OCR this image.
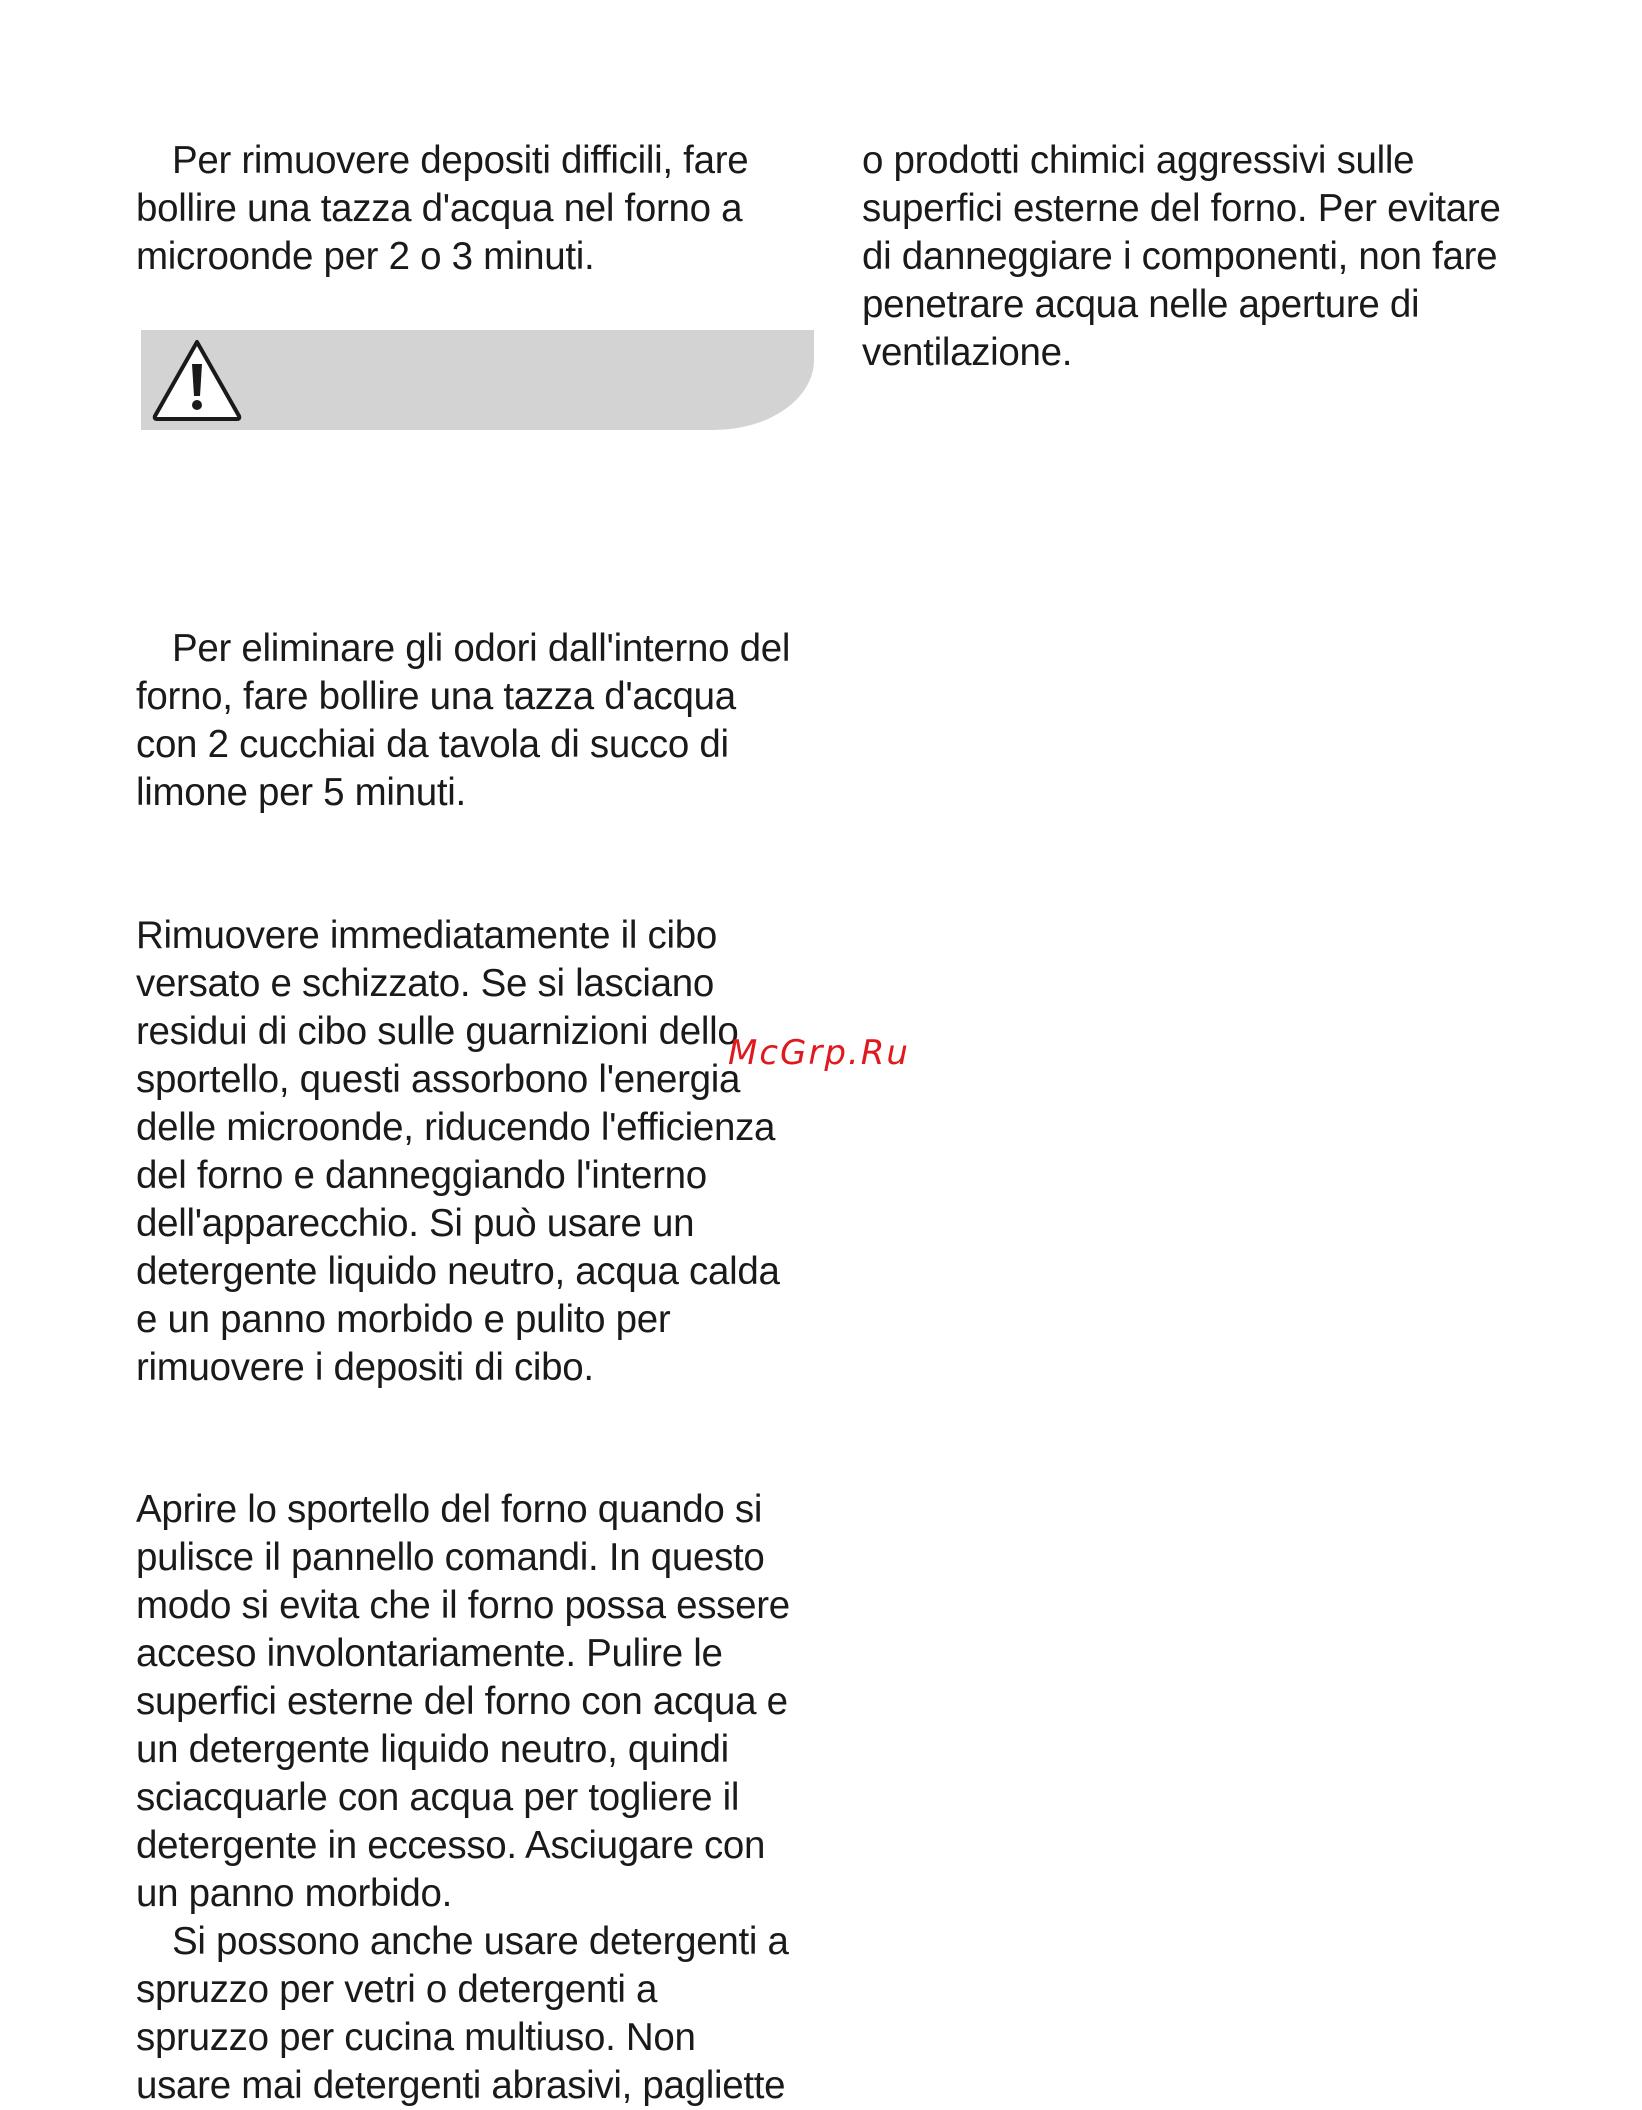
Per rimuovere depositi difficili, fare
bollire una tazza d'acqua nel forno a
microonde per 2 o 3 minuti.
Per eliminare gli odori dall'interno del
forno, fare bollire una tazza d'acqua
con 2 cucchiai da tavola di succo di
limone per 5 minuti.
Rimuovere immediatamente il cibo
versato e schizzato. Se si lasciano
residui di cibo sulle guarnizioni dello
sportello, questi assorbono l'energia
delle microonde, riducendo l'efficienza
del forno e danneggiando l'interno
dell'apparecchio. Si può usare un
detergente liquido neutro, acqua calda
e un panno morbido e pulito per
rimuovere i depositi di cibo.
Aprire lo sportello del forno quando si
pulisce il pannello comandi. In questo
modo si evita che il forno possa essere
acceso involontariamente. Pulire le
superfici esterne del forno con acqua e
un detergente liquido neutro, quindi
sciacquarle con acqua per togliere il
detergente in eccesso. Asciugare con
un panno morbido.
Si possono anche usare detergenti a
spruzzo per vetri o detergenti a
spruzzo per cucina multiuso. Non
usare mai detergenti abrasivi, pagliette
o prodotti chimici aggressivi sulle
superfici esterne del forno. Per evitare
di danneggiare i componenti, non fare
penetrare acqua nelle aperture di
ventilazione.
McGrp.Ru
